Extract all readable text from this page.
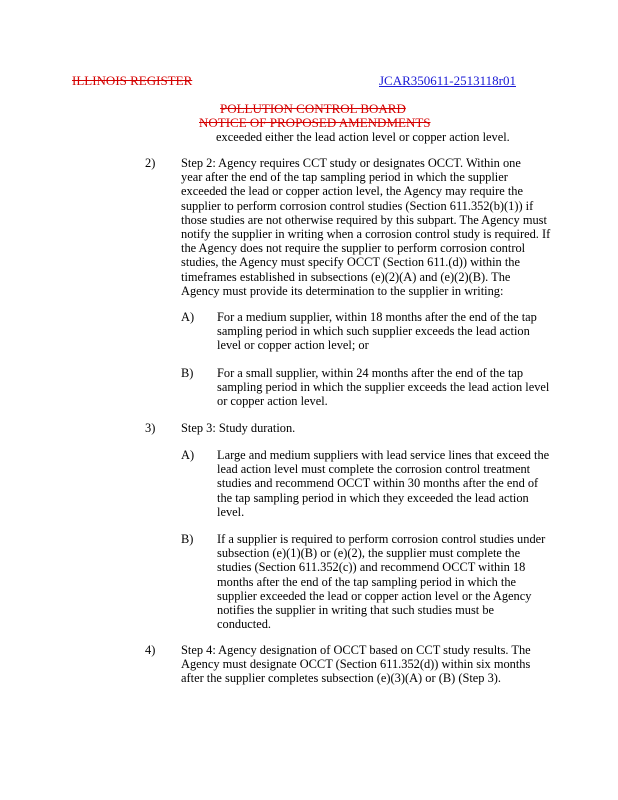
ILLINOIS REGISTER	JCAR350611-2513118r01
POLLUTION CONTROL BOARD
NOTICE OF PROPOSED AMENDMENTS
exceeded either the lead action level or copper action level.
2) Step 2: Agency requires CCT study or designates OCCT. Within one
year after the end of the tap sampling period in which the supplier
exceeded the lead or copper action level, the Agency may require the
supplier to perform corrosion control studies (Section 611.352(b)(1)) if
those studies are not otherwise required by this subpart. The Agency must
notify the supplier in writing when a corrosion control study is required. If
the Agency does not require the supplier to perform corrosion control
studies, the Agency must specify OCCT (Section 611.(d)) within the
timeframes established in subsections (e)(2)(A) and (e)(2)(B). The
Agency must provide its determination to the supplier in writing:
A) For a medium supplier, within 18 months after the end of the tap
sampling period in which such supplier exceeds the lead action
level or copper action level; or
B) For a small supplier, within 24 months after the end of the tap
sampling period in which the supplier exceeds the lead action level
or copper action level.
3) Step 3: Study duration.
A) Large and medium suppliers with lead service lines that exceed the
lead action level must complete the corrosion control treatment
studies and recommend OCCT within 30 months after the end of
the tap sampling period in which they exceeded the lead action
level.
B) If a supplier is required to perform corrosion control studies under
subsection (e)(1)(B) or (e)(2), the supplier must complete the
studies (Section 611.352(c)) and recommend OCCT within 18
months after the end of the tap sampling period in which the
supplier exceeded the lead or copper action level or the Agency
notifies the supplier in writing that such studies must be
conducted.
4) Step 4: Agency designation of OCCT based on CCT study results. The
Agency must designate OCCT (Section 611.352(d)) within six months
after the supplier completes subsection (e)(3)(A) or (B) (Step 3).
